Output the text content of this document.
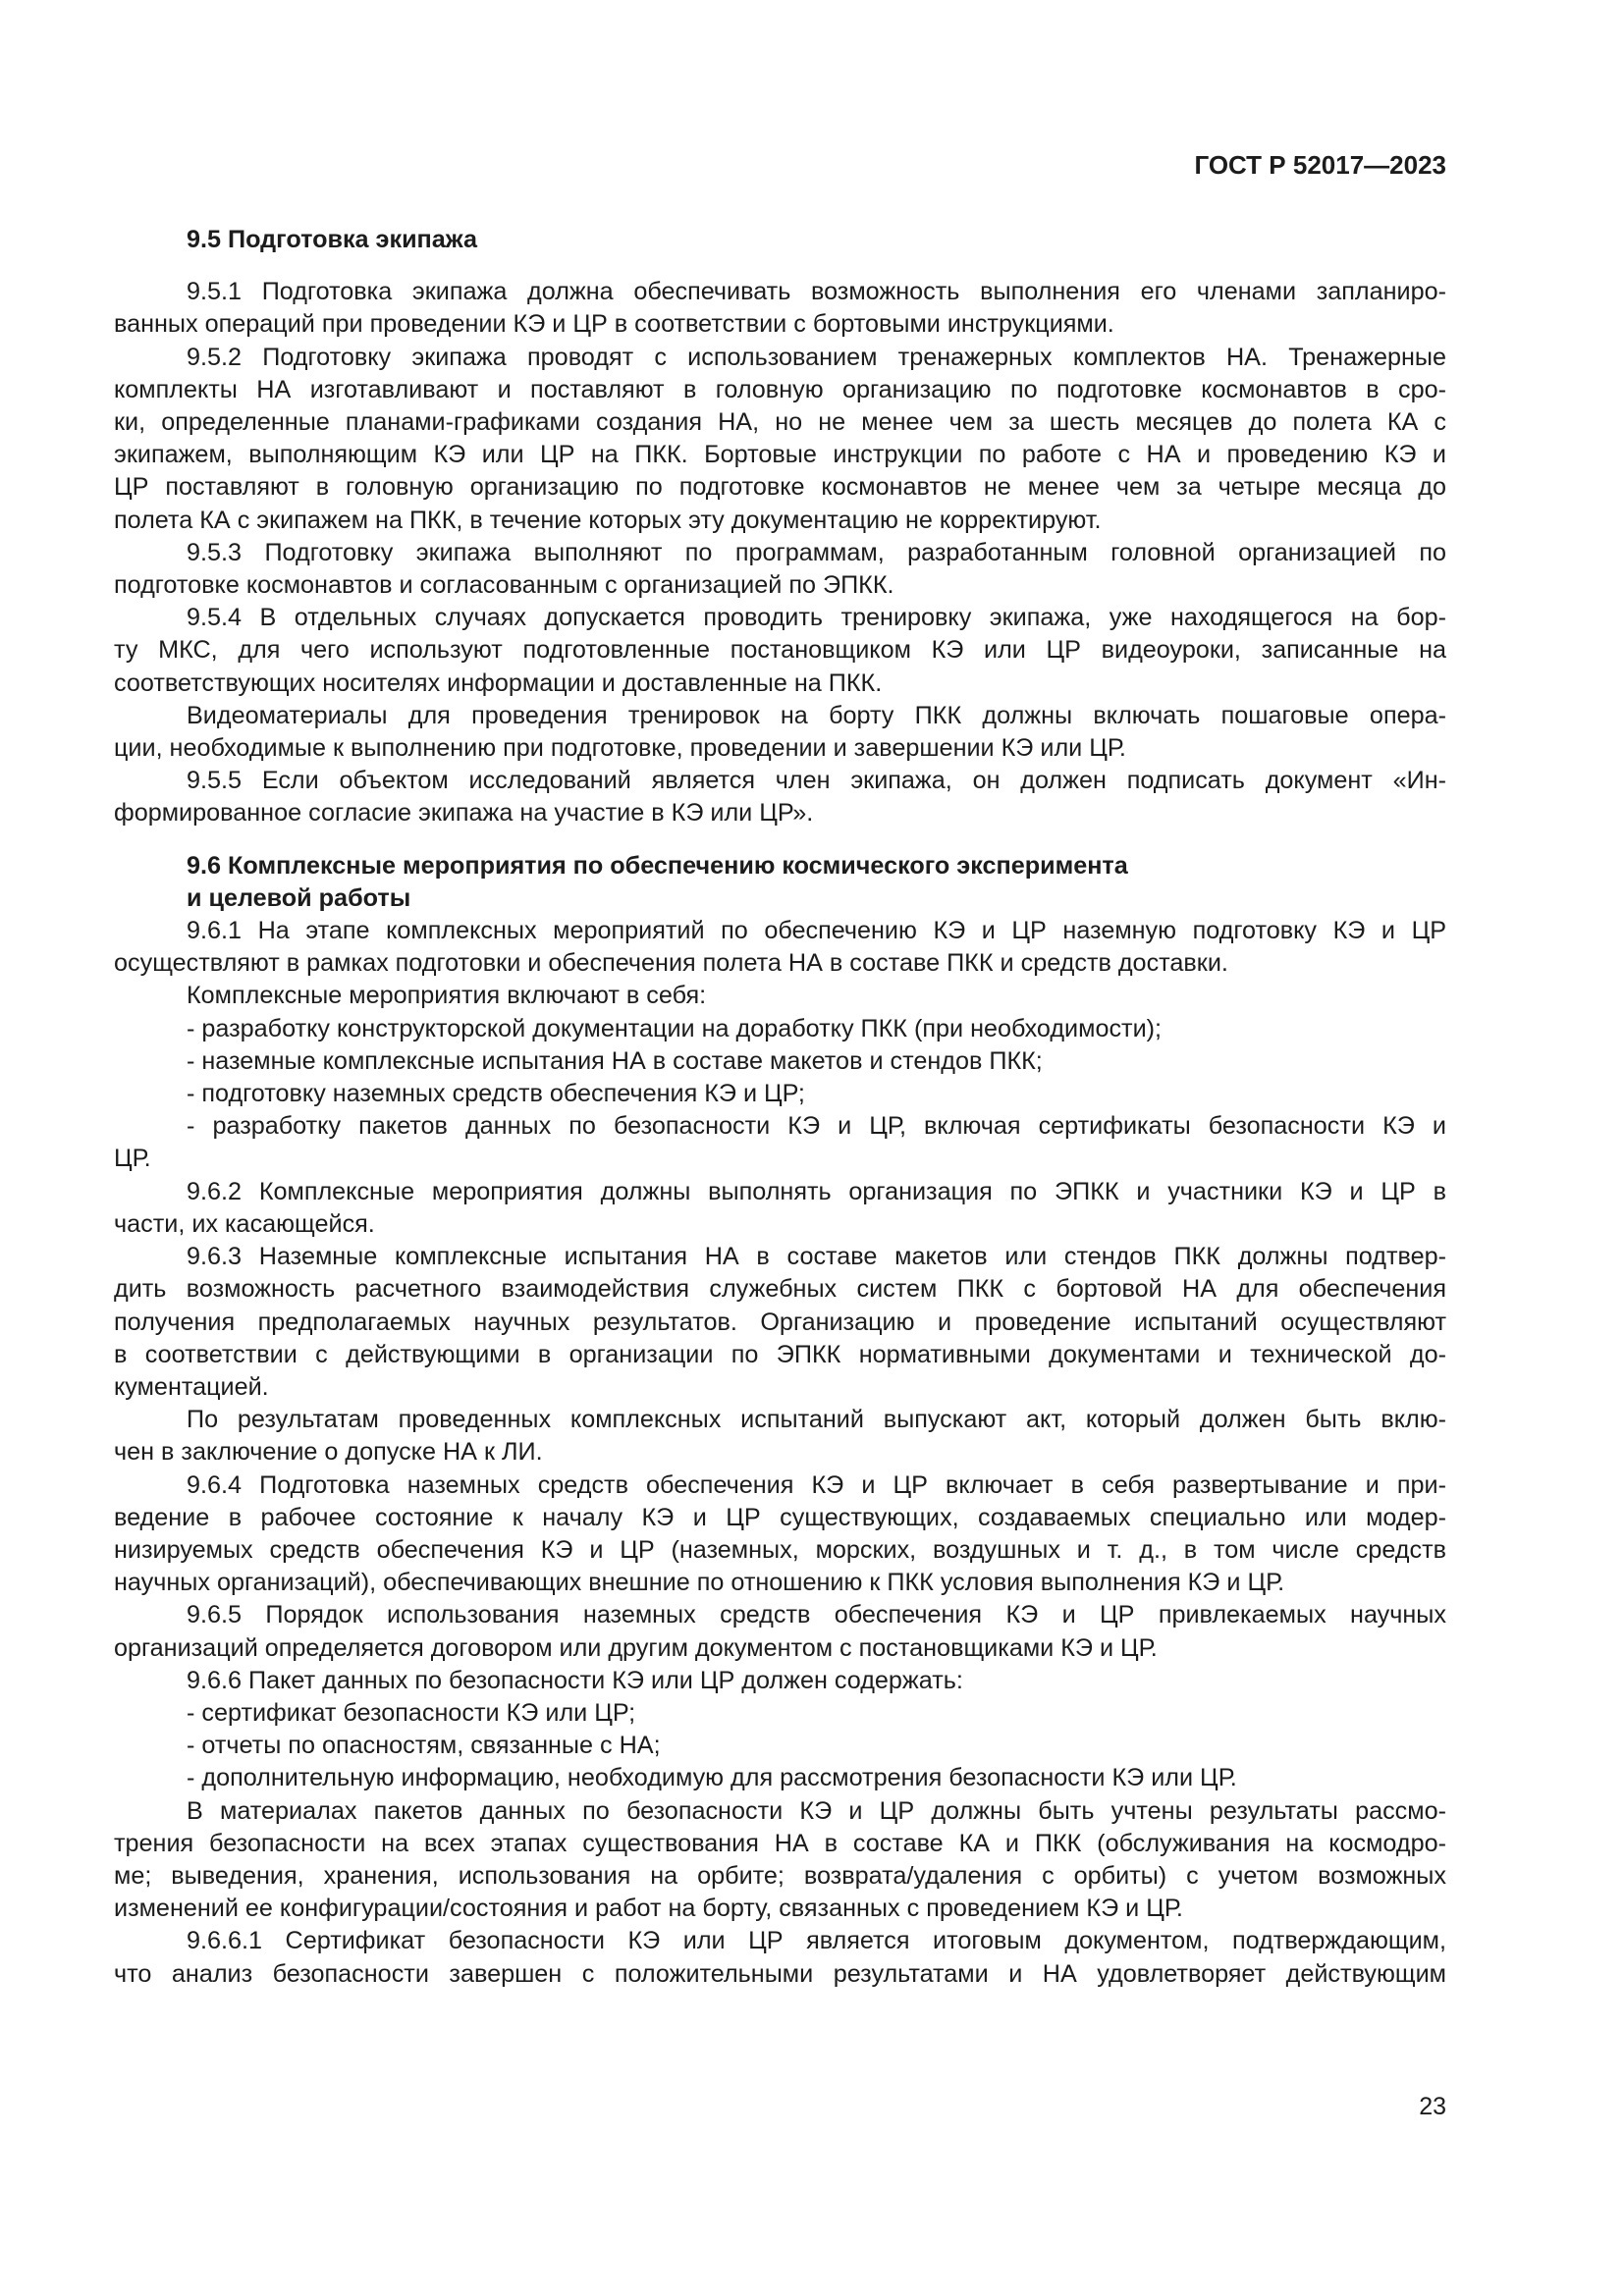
ГОСТ Р 52017—2023
9.5 Подготовка экипажа
9.5.1 Подготовка экипажа должна обеспечивать возможность выполнения его членами запланиро-
ванных операций при проведении КЭ и ЦР в соответствии с бортовыми инструкциями.
9.5.2 Подготовку экипажа проводят с использованием тренажерных комплектов НА. Тренажерные
комплекты НА изготавливают и поставляют в головную организацию по подготовке космонавтов в сро-
ки, определенные планами-графиками создания НА, но не менее чем за шесть месяцев до полета КА с
экипажем, выполняющим КЭ или ЦР на ПКК. Бортовые инструкции по работе с НА и проведению КЭ и
ЦР поставляют в головную организацию по подготовке космонавтов не менее чем за четыре месяца до
полета КА с экипажем на ПКК, в течение которых эту документацию не корректируют.
9.5.3 Подготовку экипажа выполняют по программам, разработанным головной организацией по
подготовке космонавтов и согласованным с организацией по ЭПКК.
9.5.4 В отдельных случаях допускается проводить тренировку экипажа, уже находящегося на бор-
ту МКС, для чего используют подготовленные постановщиком КЭ или ЦР видеоуроки, записанные на
соответствующих носителях информации и доставленные на ПКК.
Видеоматериалы для проведения тренировок на борту ПКК должны включать пошаговые опера-
ции, необходимые к выполнению при подготовке, проведении и завершении КЭ или ЦР.
9.5.5 Если объектом исследований является член экипажа, он должен подписать документ «Ин-
формированное согласие экипажа на участие в КЭ или ЦР».
9.6 Комплексные мероприятия по обеспечению космического эксперимента
и целевой работы
9.6.1 На этапе комплексных мероприятий по обеспечению КЭ и ЦР наземную подготовку КЭ и ЦР
осуществляют в рамках подготовки и обеспечения полета НА в составе ПКК и средств доставки.
Комплексные мероприятия включают в себя:
- разработку конструкторской документации на доработку ПКК (при необходимости);
- наземные комплексные испытания НА в составе макетов и стендов ПКК;
- подготовку наземных средств обеспечения КЭ и ЦР;
- разработку пакетов данных по безопасности КЭ и ЦР, включая сертификаты безопасности КЭ и
ЦР.
9.6.2 Комплексные мероприятия должны выполнять организация по ЭПКК и участники КЭ и ЦР в
части, их касающейся.
9.6.3 Наземные комплексные испытания НА в составе макетов или стендов ПКК должны подтвер-
дить возможность расчетного взаимодействия служебных систем ПКК с бортовой НА для обеспечения
получения предполагаемых научных результатов. Организацию и проведение испытаний осуществляют
в соответствии с действующими в организации по ЭПКК нормативными документами и технической до-
кументацией.
По результатам проведенных комплексных испытаний выпускают акт, который должен быть вклю-
чен в заключение о допуске НА к ЛИ.
9.6.4 Подготовка наземных средств обеспечения КЭ и ЦР включает в себя развертывание и при-
ведение в рабочее состояние к началу КЭ и ЦР существующих, создаваемых специально или модер-
низируемых средств обеспечения КЭ и ЦР (наземных, морских, воздушных и т. д., в том числе средств
научных организаций), обеспечивающих внешние по отношению к ПКК условия выполнения КЭ и ЦР.
9.6.5 Порядок использования наземных средств обеспечения КЭ и ЦР привлекаемых научных
организаций определяется договором или другим документом с постановщиками КЭ и ЦР.
9.6.6 Пакет данных по безопасности КЭ или ЦР должен содержать:
- сертификат безопасности КЭ или ЦР;
- отчеты по опасностям, связанные с НА;
- дополнительную информацию, необходимую для рассмотрения безопасности КЭ или ЦР.
В материалах пакетов данных по безопасности КЭ и ЦР должны быть учтены результаты рассмо-
трения безопасности на всех этапах существования НА в составе КА и ПКК (обслуживания на космодро-
ме; выведения, хранения, использования на орбите; возврата/удаления с орбиты) с учетом возможных
изменений ее конфигурации/состояния и работ на борту, связанных с проведением КЭ и ЦР.
9.6.6.1 Сертификат безопасности КЭ или ЦР является итоговым документом, подтверждающим,
что анализ безопасности завершен с положительными результатами и НА удовлетворяет действующим
23
